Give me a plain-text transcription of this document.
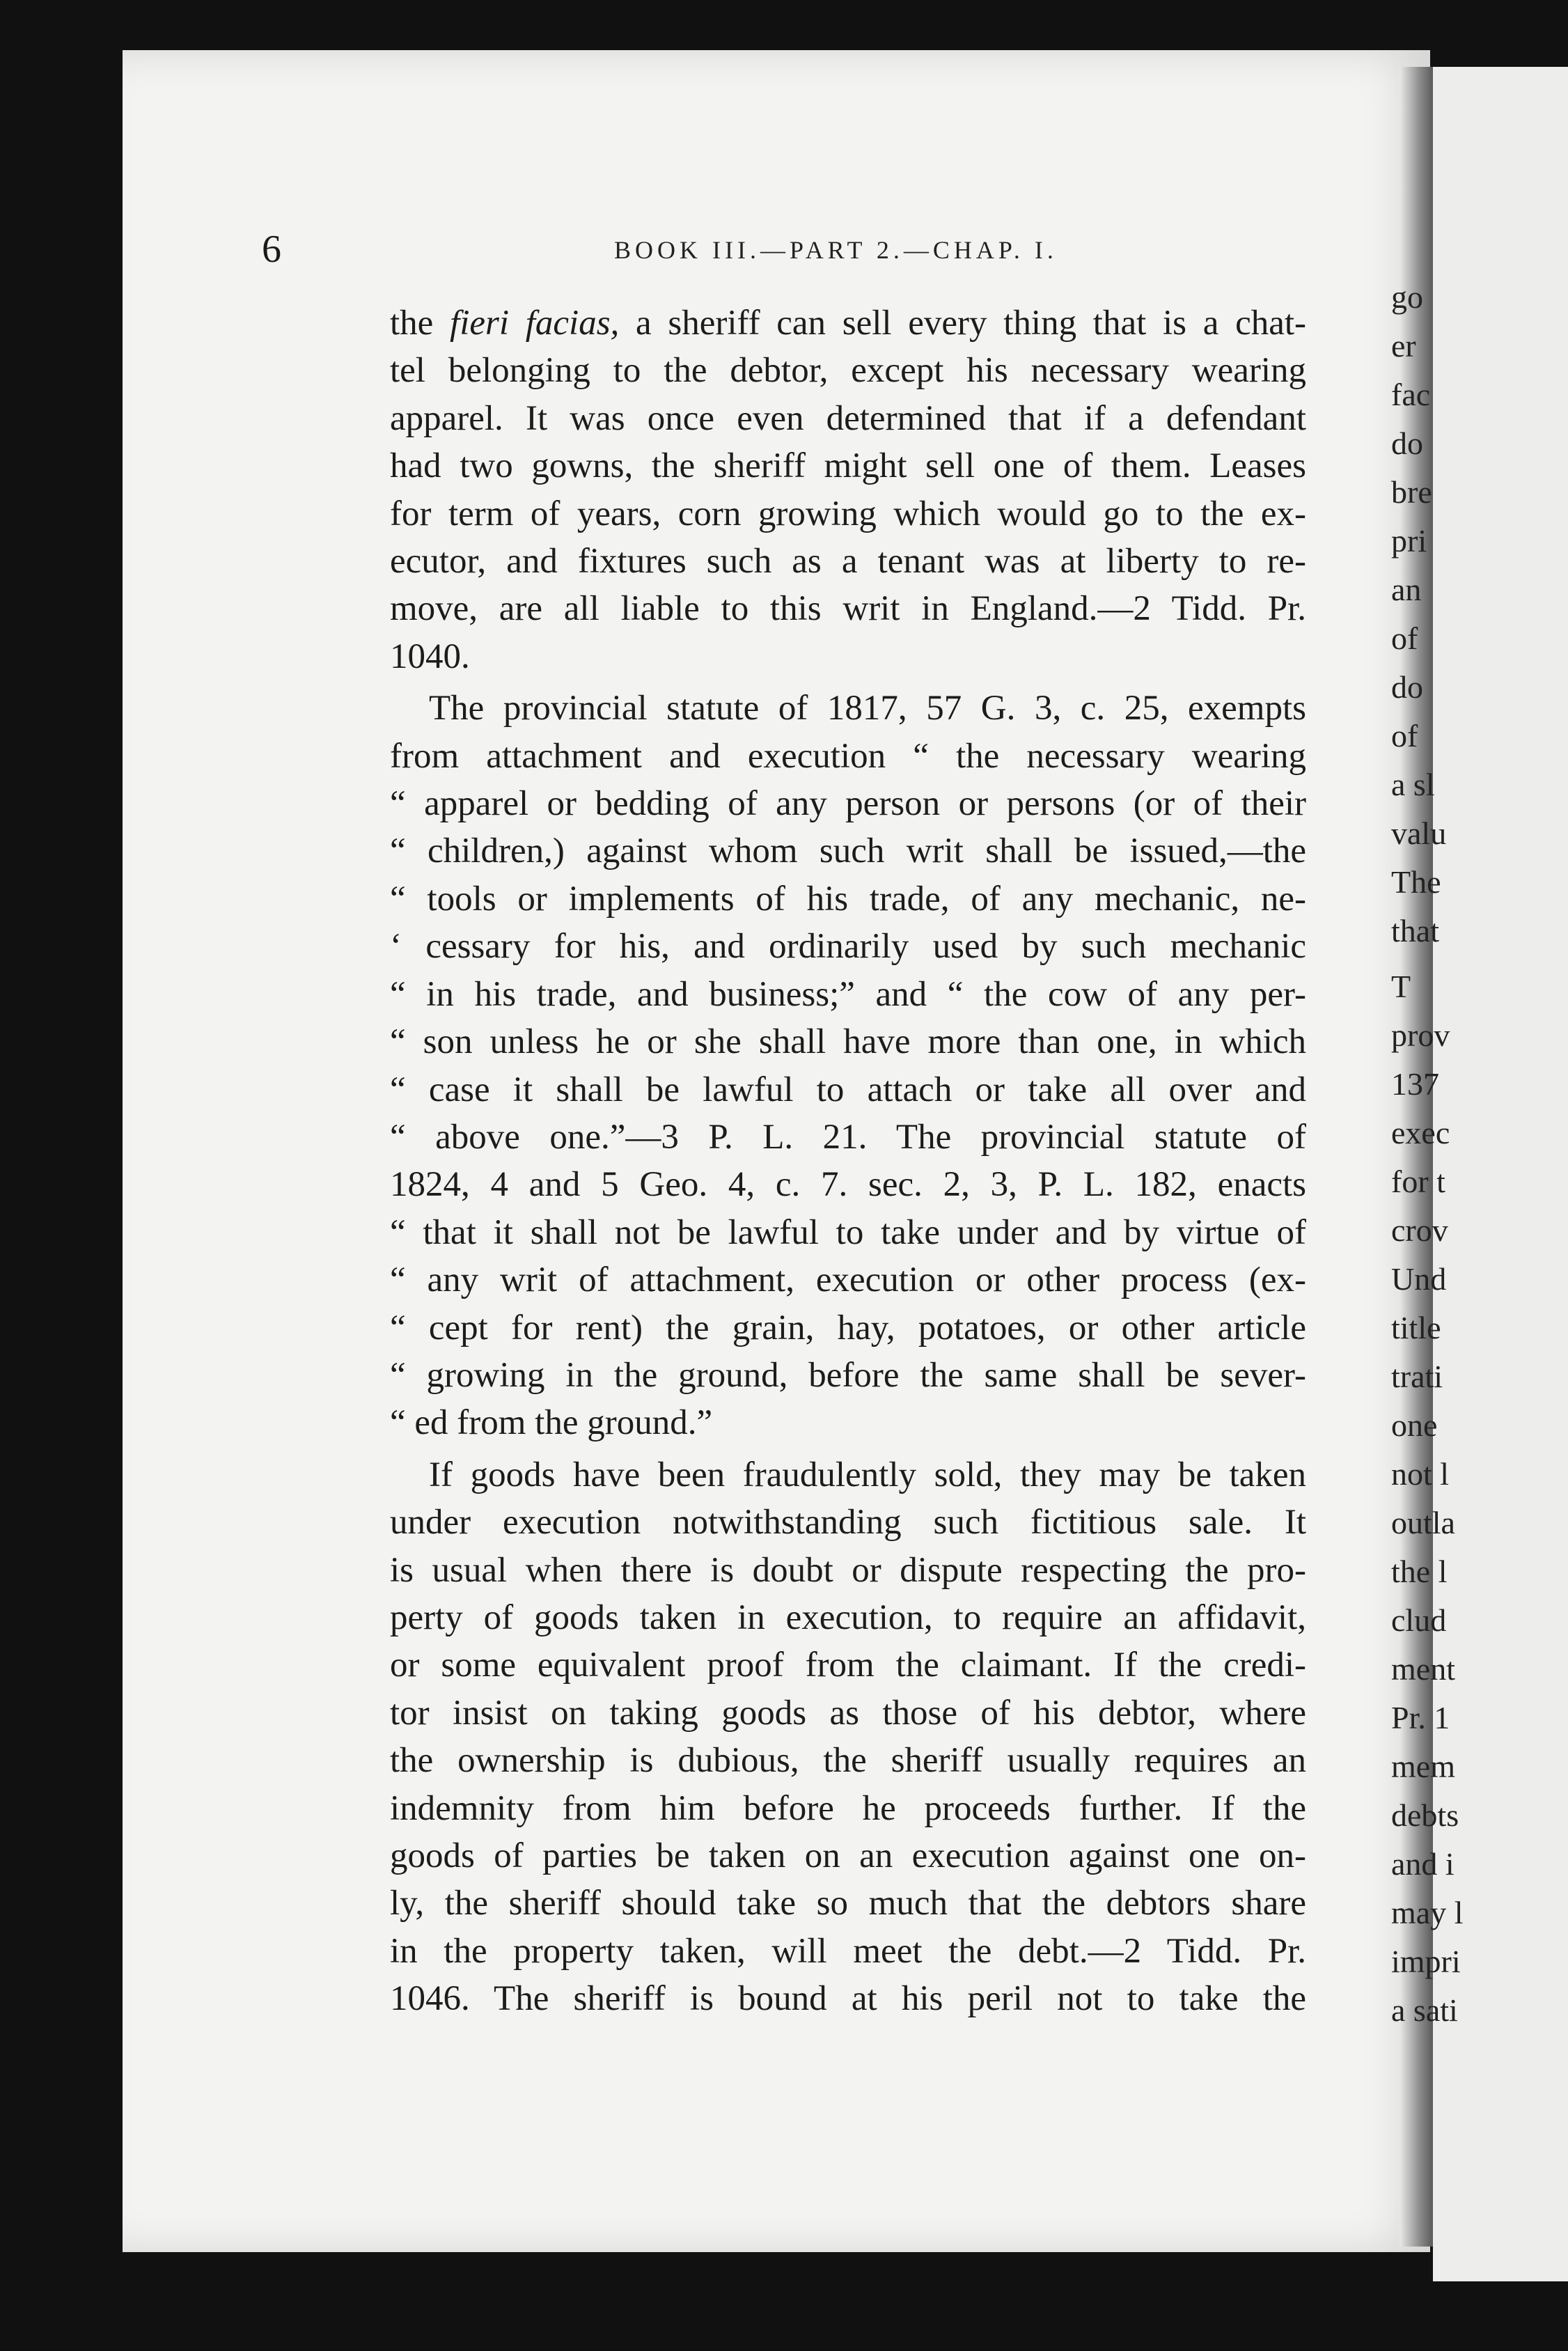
go
er
fac
do
bre
pri
an
of
do
of
a sl
valu
The
that
T
prov
137
exec
for t
crov
Und
title
trati
one
not l
outla
the l
clud
ment
Pr. 1
mem
debts
and i
may l
impri
a sati
6	BOOK III.—PART 2.—CHAP. I.
the fieri facias, a sheriff can sell every thing that is a chat-
tel belonging to the debtor, except his necessary wearing
apparel. It was once even determined that if a defendant
had two gowns, the sheriff might sell one of them. Leases
for term of years, corn growing which would go to the ex-
ecutor, and fixtures such as a tenant was at liberty to re-
move, are all liable to this writ in England.—2 Tidd. Pr.
1040.
The provincial statute of 1817, 57 G. 3, c. 25, exempts
from attachment and execution “ the necessary wearing
“ apparel or bedding of any person or persons (or of their
“ children,) against whom such writ shall be issued,—the
“ tools or implements of his trade, of any mechanic, ne-
‘ cessary for his, and ordinarily used by such mechanic
“ in his trade, and business;” and “ the cow of any per-
“ son unless he or she shall have more than one, in which
“ case it shall be lawful to attach or take all over and
“ above one.”—3 P. L. 21. The provincial statute of
1824, 4 and 5 Geo. 4, c. 7. sec. 2, 3, P. L. 182, enacts
“ that it shall not be lawful to take under and by virtue of
“ any writ of attachment, execution or other process (ex-
“ cept for rent) the grain, hay, potatoes, or other article
“ growing in the ground, before the same shall be sever-
“ ed from the ground.”
If goods have been fraudulently sold, they may be taken
under execution notwithstanding such fictitious sale. It
is usual when there is doubt or dispute respecting the pro-
perty of goods taken in execution, to require an affidavit,
or some equivalent proof from the claimant. If the credi-
tor insist on taking goods as those of his debtor, where
the ownership is dubious, the sheriff usually requires an
indemnity from him before he proceeds further. If the
goods of parties be taken on an execution against one on-
ly, the sheriff should take so much that the debtors share
in the property taken, will meet the debt.—2 Tidd. Pr.
1046. The sheriff is bound at his peril not to take the
